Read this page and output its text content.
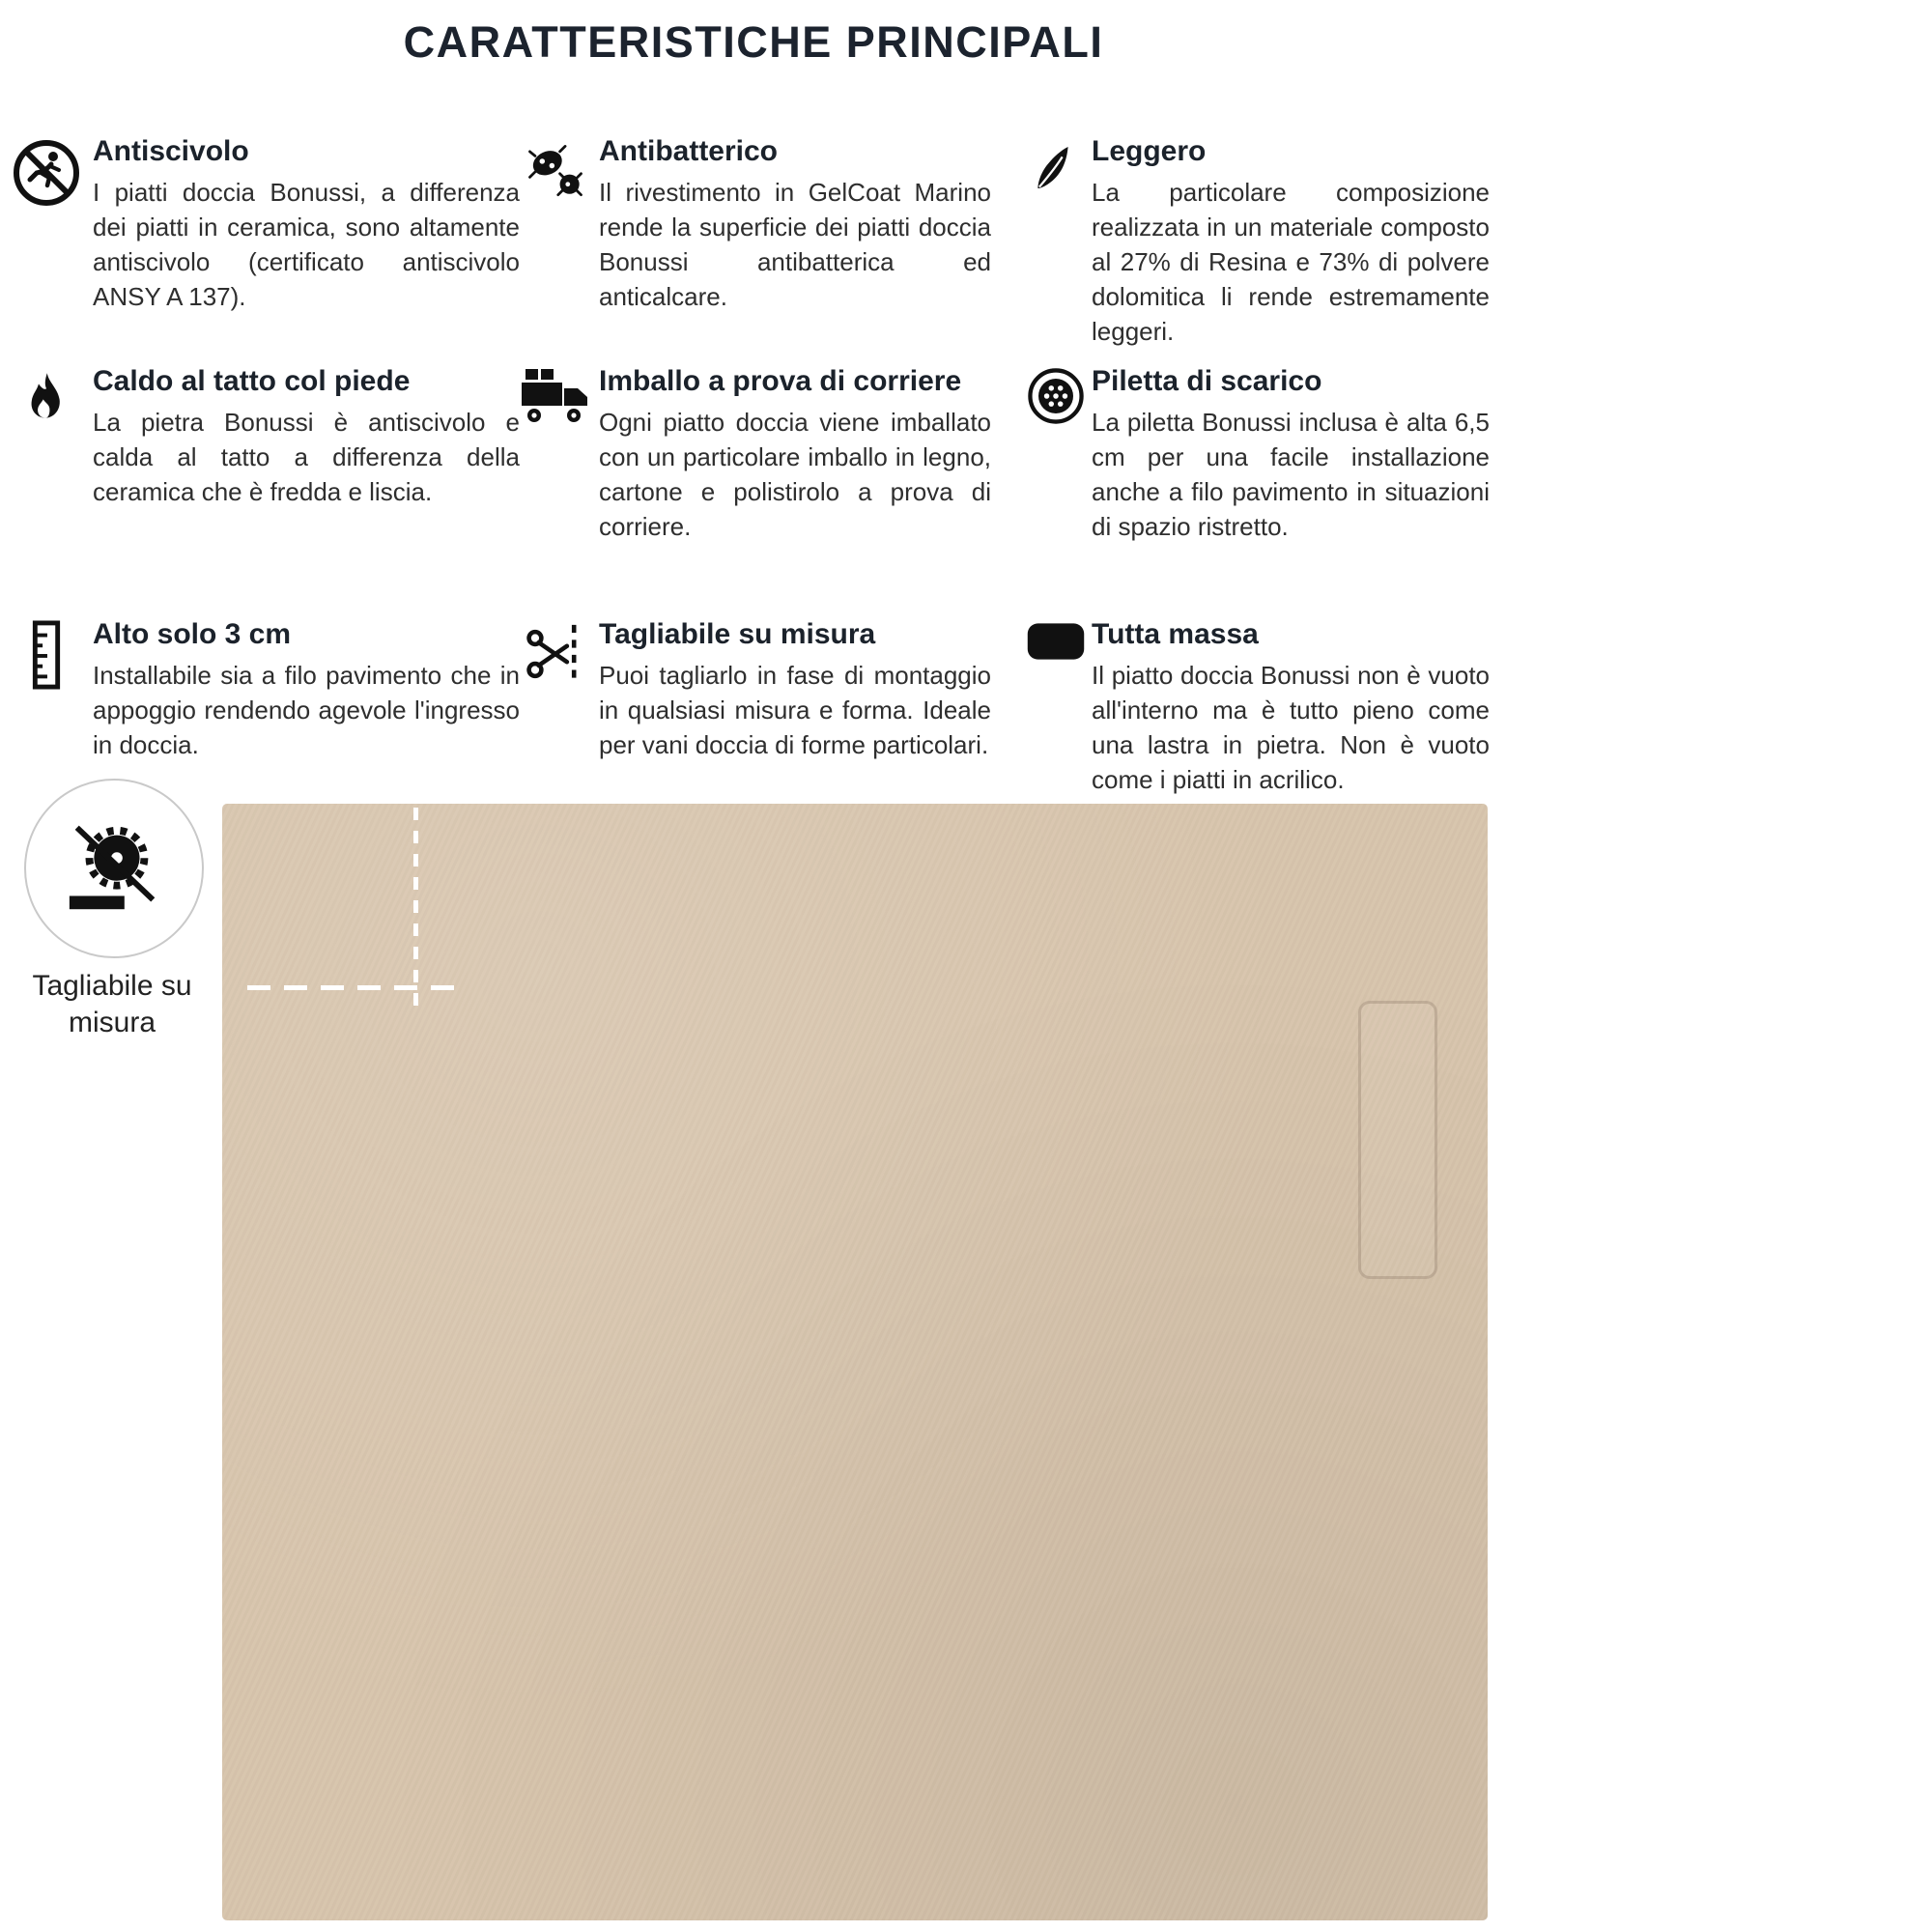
CARATTERISTICHE PRINCIPALI
Antiscivolo

I piatti doccia Bonussi, a differenza dei piatti in ceramica, sono altamente antiscivolo (certificato antiscivolo ANSY A 137).

Antibatterico

Il rivestimento in GelCoat Marino rende la superficie dei piatti doccia Bonussi antibatterica ed anticalcare.

Leggero

La particolare composizione realizzata in un materiale composto al 27% di Resina e 73% di polvere dolomitica li rende estremamente leggeri.

Caldo al tatto col piede

La pietra Bonussi è antiscivolo e calda al tatto a differenza della ceramica che è fredda e liscia.

Imballo a prova di corriere

Ogni piatto doccia viene imballato con un particolare imballo in legno, cartone e polistirolo a prova di corriere.

Piletta di scarico

La piletta Bonussi inclusa è alta 6,5 cm per una facile installazione anche a filo pavimento in situazioni di spazio ristretto.

Alto solo 3 cm

Installabile sia a filo pavimento che in appoggio rendendo agevole l'ingresso in doccia.

Tagliabile su misura

Puoi tagliarlo in fase di montaggio in qualsiasi misura e forma. Ideale per vani doccia di forme particolari.

Tutta massa

Il piatto doccia Bonussi non è vuoto all'interno ma è tutto pieno come una lastra in pietra. Non è vuoto come i piatti in acrilico.

Tagliabile su misura
